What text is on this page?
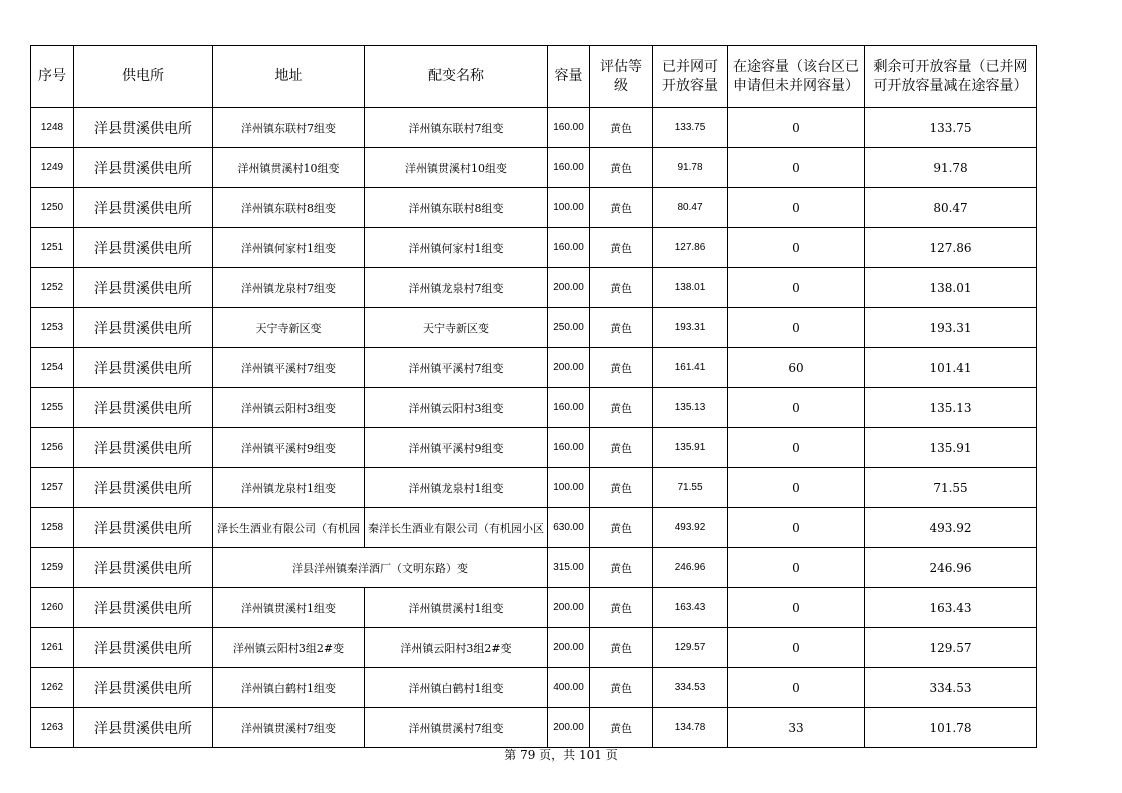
序号	供电所	地址	配变名称	容量	评估等级	已并网可开放容量	在途容量（该台区已申请但未并网容量）	剩余可开放容量（已并网可开放容量减在途容量）
1248	洋县贯溪供电所	洋州镇东联村7组变	洋州镇东联村7组变	160.00	黄色	133.75	0	133.75
1249	洋县贯溪供电所	洋州镇贯溪村10组变	洋州镇贯溪村10组变	160.00	黄色	91.78	0	91.78
1250	洋县贯溪供电所	洋州镇东联村8组变	洋州镇东联村8组变	100.00	黄色	80.47	0	80.47
1251	洋县贯溪供电所	洋州镇何家村1组变	洋州镇何家村1组变	160.00	黄色	127.86	0	127.86
1252	洋县贯溪供电所	洋州镇龙泉村7组变	洋州镇龙泉村7组变	200.00	黄色	138.01	0	138.01
1253	洋县贯溪供电所	天宁寺新区变	天宁寺新区变	250.00	黄色	193.31	0	193.31
1254	洋县贯溪供电所	洋州镇平溪村7组变	洋州镇平溪村7组变	200.00	黄色	161.41	60	101.41
1255	洋县贯溪供电所	洋州镇云阳村3组变	洋州镇云阳村3组变	160.00	黄色	135.13	0	135.13
1256	洋县贯溪供电所	洋州镇平溪村9组变	洋州镇平溪村9组变	160.00	黄色	135.91	0	135.91
1257	洋县贯溪供电所	洋州镇龙泉村1组变	洋州镇龙泉村1组变	100.00	黄色	71.55	0	71.55
1258	洋县贯溪供电所	泽长生酒业有限公司（有机园	秦洋长生酒业有限公司（有机园小区	630.00	黄色	493.92	0	493.92
1259	洋县贯溪供电所	洋县洋州镇秦洋酒厂（文明东路）变		315.00	黄色	246.96	0	246.96
1260	洋县贯溪供电所	洋州镇贯溪村1组变	洋州镇贯溪村1组变	200.00	黄色	163.43	0	163.43
1261	洋县贯溪供电所	洋州镇云阳村3组2#变	洋州镇云阳村3组2#变	200.00	黄色	129.57	0	129.57
1262	洋县贯溪供电所	洋州镇白鹤村1组变	洋州镇白鹤村1组变	400.00	黄色	334.53	0	334.53
1263	洋县贯溪供电所	洋州镇贯溪村7组变	洋州镇贯溪村7组变	200.00	黄色	134.78	33	101.78
第 79 页，共 101 页
